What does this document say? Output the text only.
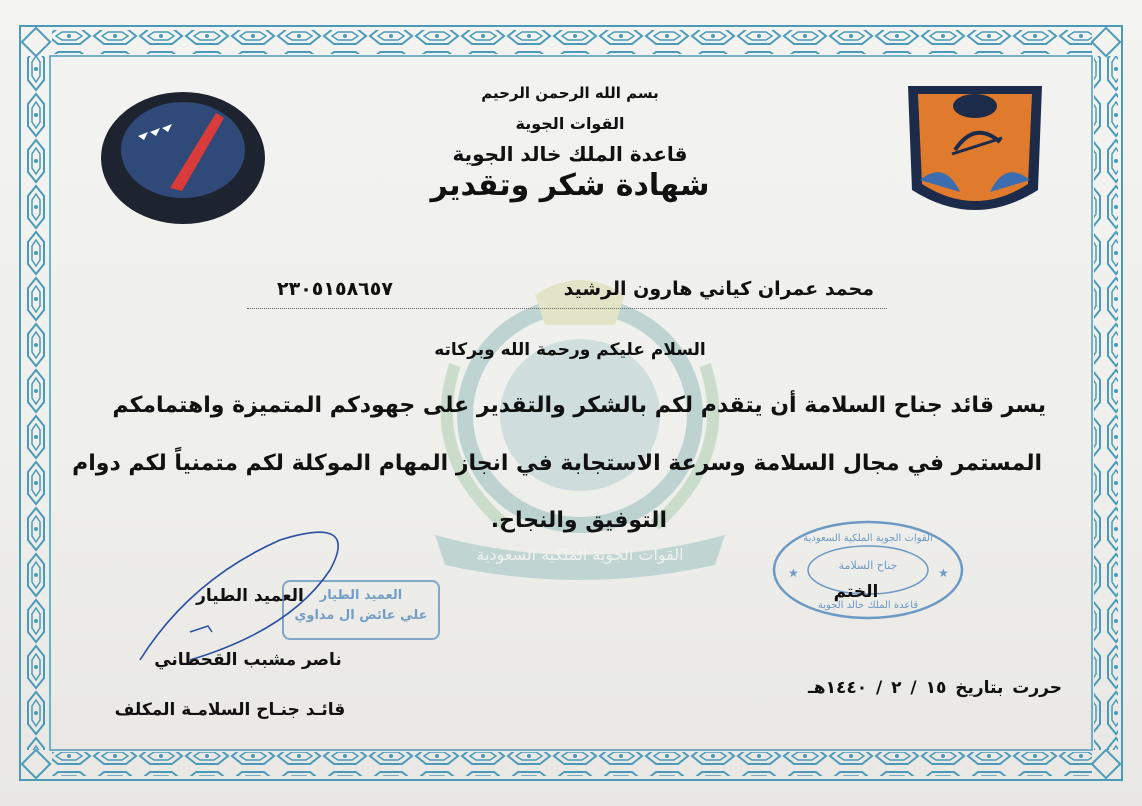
القوات الجوية الملكية السعودية
القوات الجوية الملكية السعودية
جناح السلامة
قاعدة الملك خالد الجوية
★	★
بسم الله الرحمن الرحيم
القوات الجوية
قاعدة الملك خالد الجوية
شهادة شكر وتقدير
محمد عمران كياني هارون الرشيد
٢٣٠٥١٥٨٦٥٧
السلام عليكم ورحمة الله وبركاته
يسر قائد جناح السلامة أن يتقدم لكم بالشكر والتقدير على جهودكم المتميزة واهتمامكم
المستمر في مجال السلامة وسرعة الاستجابة في انجاز المهام الموكلة لكم متمنياً لكم دوام
التوفيق والنجاح.
العميد الطيار	العميد الطيار
علي عائض ال مداوي
ناصر مشبب القحطاني
قائـد جنـاح السلامـة المكلف
الختم
حررت بتاريخ ١٥ / ٢ / ١٤٤٠هـ
